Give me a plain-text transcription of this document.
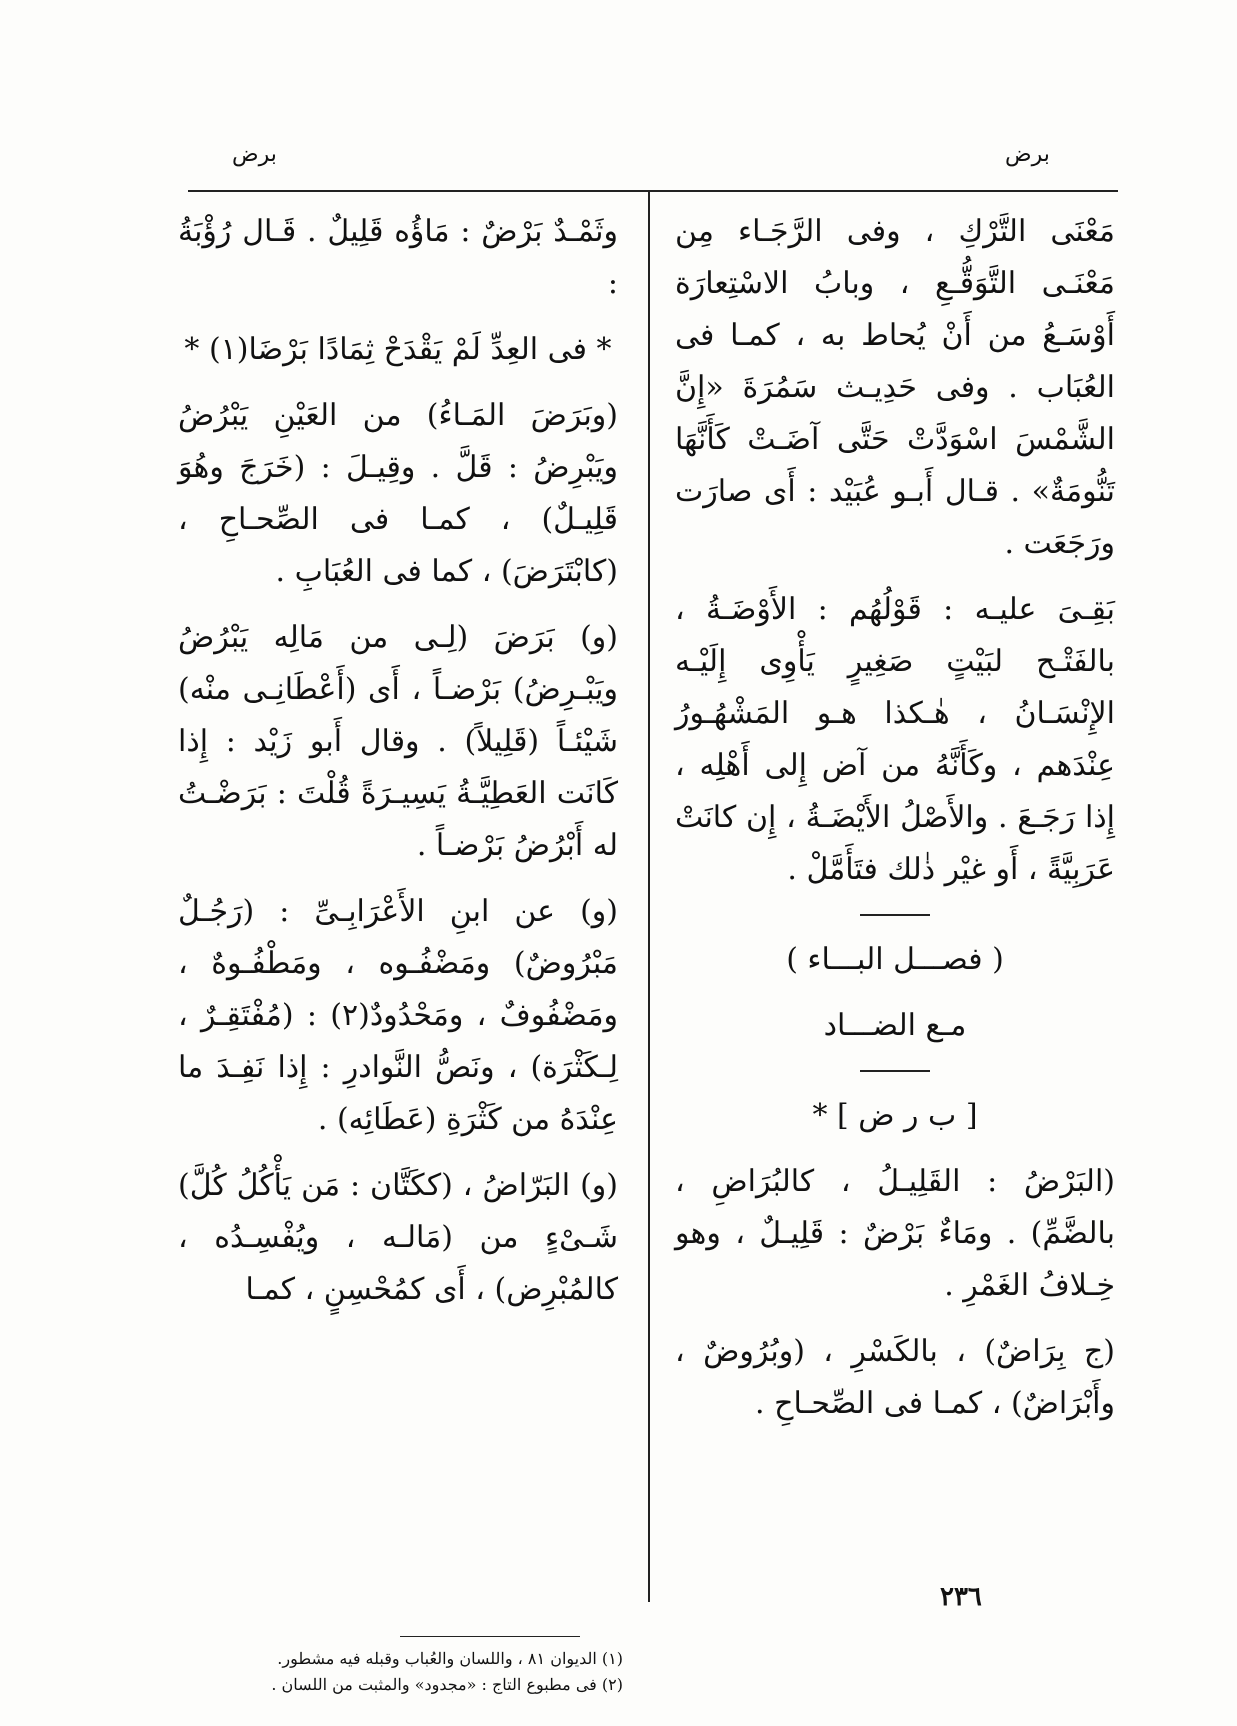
برض	برض

وثَمْـدٌ بَرْضٌ : مَاؤُه قَلِيلٌ . قَـال رُؤْبَةُ :

* فى العِدِّ لَمْ يَقْدَحْ ثِمَادًا بَرْضَا(١) *

(وبَرَضَ المَـاءُ) من العَيْنِ يَبْرُضُ ويَبْرِضُ : قَلَّ . وقِيـلَ : (خَرَجَ وهُوَ قَلِيـلٌ) ، كمـا فى الصِّحـاحِ ، (كابْتَرَضَ) ، كما فى العُبَابِ .

(و) بَرَضَ (لِـى من مَالِه يَبْرُضُ ويَبْـرِضُ) بَرْضـاً ، أَى (أَعْطَانِـى منْه) شَيْئـاً (قَلِيلاً) . وقال أَبو زَيْد : إِذا كَانَت العَطِيَّـةُ يَسِيـرَةً قُلْتَ : بَرَضْـتُ له أَبْرُضُ بَرْضـاً .

(و) عن ابنِ الأَعْرَابِـىِّ : (رَجُـلٌ مَبْرُوضٌ) ومَضْفُـوه ، ومَطْفُـوهٌ ، ومَضْفُوفٌ ، ومَحْدُودٌ(٢) : (مُفْتَقِـرٌ ، لِـكَثْرَة) ، ونَصُّ النَّوادرِ : إِذا نَفِـدَ ما عِنْدَهُ من كَثْرَةِ (عَطَائِه) .

(و) البَرّاضُ ، (ككَتَّان : مَن يَأْكُلُ كُلَّ) شَـىْءٍ من (مَالـه ، ويُفْسِـدُه ، كالمُبْرِض) ، أَى كمُحْسِنٍ ، كمـا

مَعْنَى التَّرْكِ ، وفى الرَّجَـاء مِن مَعْنَـى التَّوَقُّـعِ ، وبابُ الاسْتِعارَة أَوْسَـعُ من أَنْ يُحاط به ، كمـا فى العُبَاب . وفى حَدِيـث سَمُرَةَ «إِنَّ الشَّمْسَ اسْوَدَّتْ حَتَّى آضَـتْ كَأَنَّهَا تَنُّومَةٌ» . قـال أَبـو عُبَيْد : أَى صارَت ورَجَعَت .

بَقِـىَ عليـه : قَوْلُهُم : الأَوْضَـةُ ، بالفَتْـح لبَيْتٍ صَغِيرٍ يَأْوِى إِلَيْـه الإِنْسَـانُ ، هٰـكذا هـو المَشْهُـورُ عِنْدَهم ، وكَأَنَّهُ من آض إِلى أَهْلِه ، إِذا رَجَـعَ . والأَصْلُ الأَيْضَـةُ ، إِن كانَتْ عَرَبِيَّةً ، أَو غيْر ذٰلك فتَأَمَّلْ .

( فصـــل البـــاء )

مـع الضـــاد

[ ب ر ض ] *

(البَرْضُ : القَلِيـلُ ، كالبُرَاضِ ، بالضَّمِّ) . ومَاءٌ بَرْضٌ : قَلِيـلٌ ، وهو خِـلافُ الغَمْرِ .

(ج بِرَاضٌ) ، بالكَسْرِ ، (وبُرُوضٌ ، وأَبْرَاضٌ) ، كمـا فى الصِّحـاحِ .

(١) الديوان ٨١ ، واللسان والعُباب وقبله فيه مشطور.
(٢) فى مطبوع التاج : «مجدود» والمثبت من اللسان .
٢٣٦
